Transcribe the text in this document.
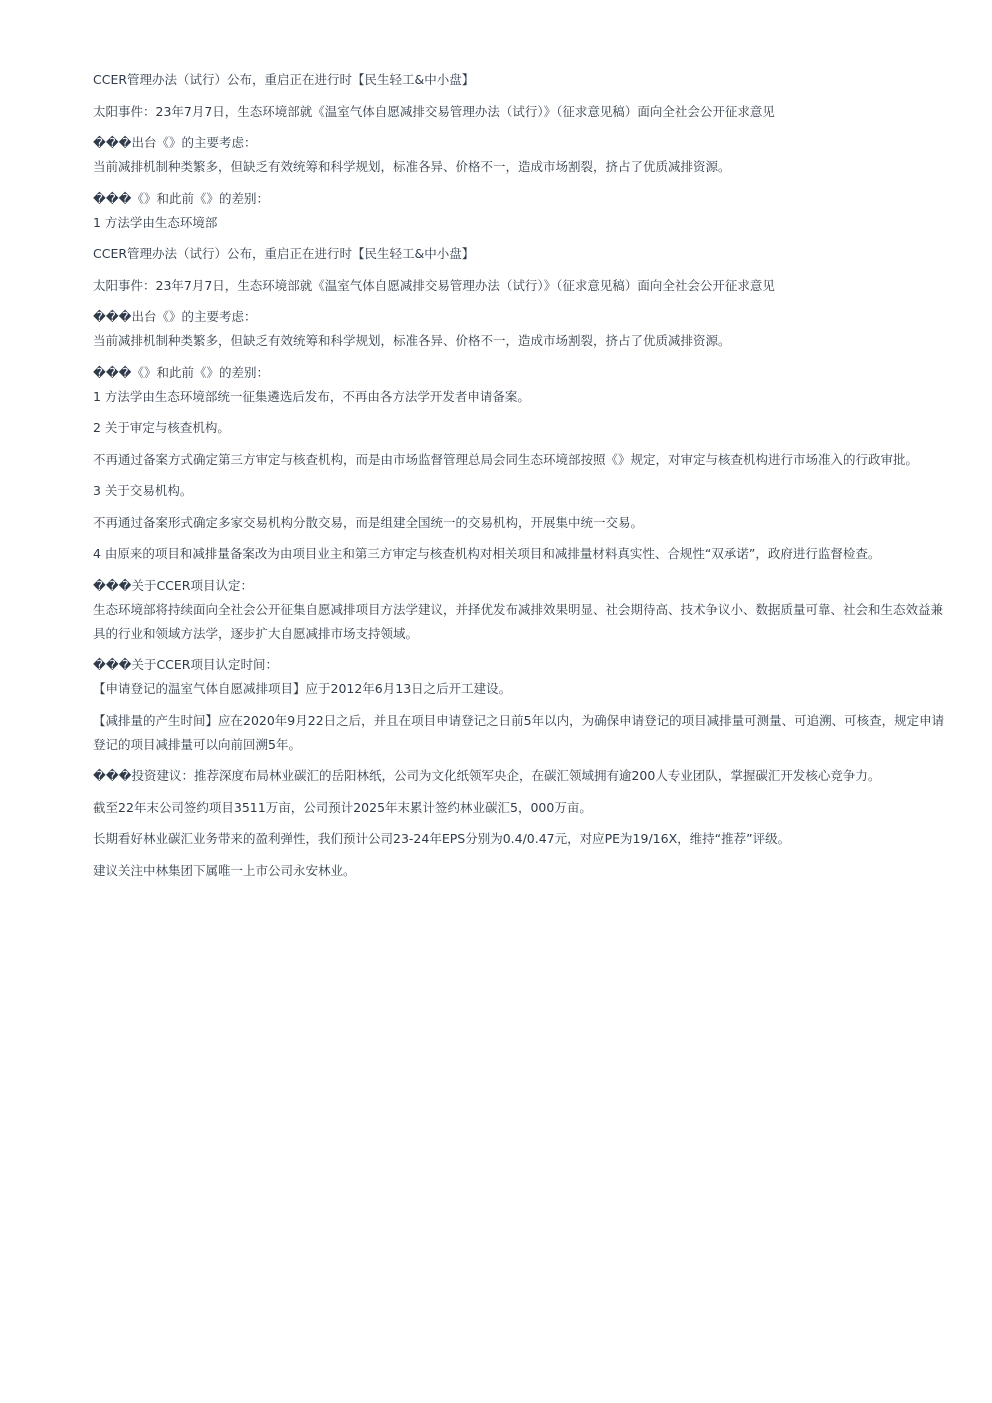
CCER管理办法（试行）公布，重启正在进行时【民生轻工&中小盘】

太阳事件：23年7月7日，生态环境部就《温室气体自愿减排交易管理办法（试行）》（征求意见稿）面向全社会公开征求意见

���出台《》的主要考虑：

当前减排机制种类繁多，但缺乏有效统筹和科学规划，标准各异、价格不一，造成市场割裂，挤占了优质减排资源。

���《》和此前《》的差别：

1 方法学由生态环境部

CCER管理办法（试行）公布，重启正在进行时【民生轻工&中小盘】

太阳事件：23年7月7日，生态环境部就《温室气体自愿减排交易管理办法（试行）》（征求意见稿）面向全社会公开征求意见

���出台《》的主要考虑：

当前减排机制种类繁多，但缺乏有效统筹和科学规划，标准各异、价格不一，造成市场割裂，挤占了优质减排资源。

���《》和此前《》的差别：

1 方法学由生态环境部统一征集遴选后发布，不再由各方法学开发者申请备案。

2 关于审定与核查机构。

不再通过备案方式确定第三方审定与核查机构，而是由市场监督管理总局会同生态环境部按照《》规定，对审定与核查机构进行市场准入的行政审批。

3 关于交易机构。

不再通过备案形式确定多家交易机构分散交易，而是组建全国统一的交易机构，开展集中统一交易。

4 由原来的项目和减排量备案改为由项目业主和第三方审定与核查机构对相关项目和减排量材料真实性、合规性“双承诺”，政府进行监督检查。

���关于CCER项目认定：

生态环境部将持续面向全社会公开征集自愿减排项目方法学建议，并择优发布减排效果明显、社会期待高、技术争议小、数据质量可靠、社会和生态效益兼具的行业和领域方法学，逐步扩大自愿减排市场支持领域。

���关于CCER项目认定时间：

【申请登记的温室气体自愿减排项目】应于2012年6月13日之后开工建设。

【减排量的产生时间】应在2020年9月22日之后，并且在项目申请登记之日前5年以内，为确保申请登记的项目减排量可测量、可追溯、可核查，规定申请登记的项目减排量可以向前回溯5年。

���投资建议：推荐深度布局林业碳汇的岳阳林纸，公司为文化纸领军央企，在碳汇领域拥有逾200人专业团队，掌握碳汇开发核心竞争力。

截至22年末公司签约项目3511万亩，公司预计2025年末累计签约林业碳汇5，000万亩。

长期看好林业碳汇业务带来的盈利弹性，我们预计公司23-24年EPS分别为0.4/0.47元，对应PE为19/16X，维持“推荐”评级。

建议关注中林集团下属唯一上市公司永安林业。
